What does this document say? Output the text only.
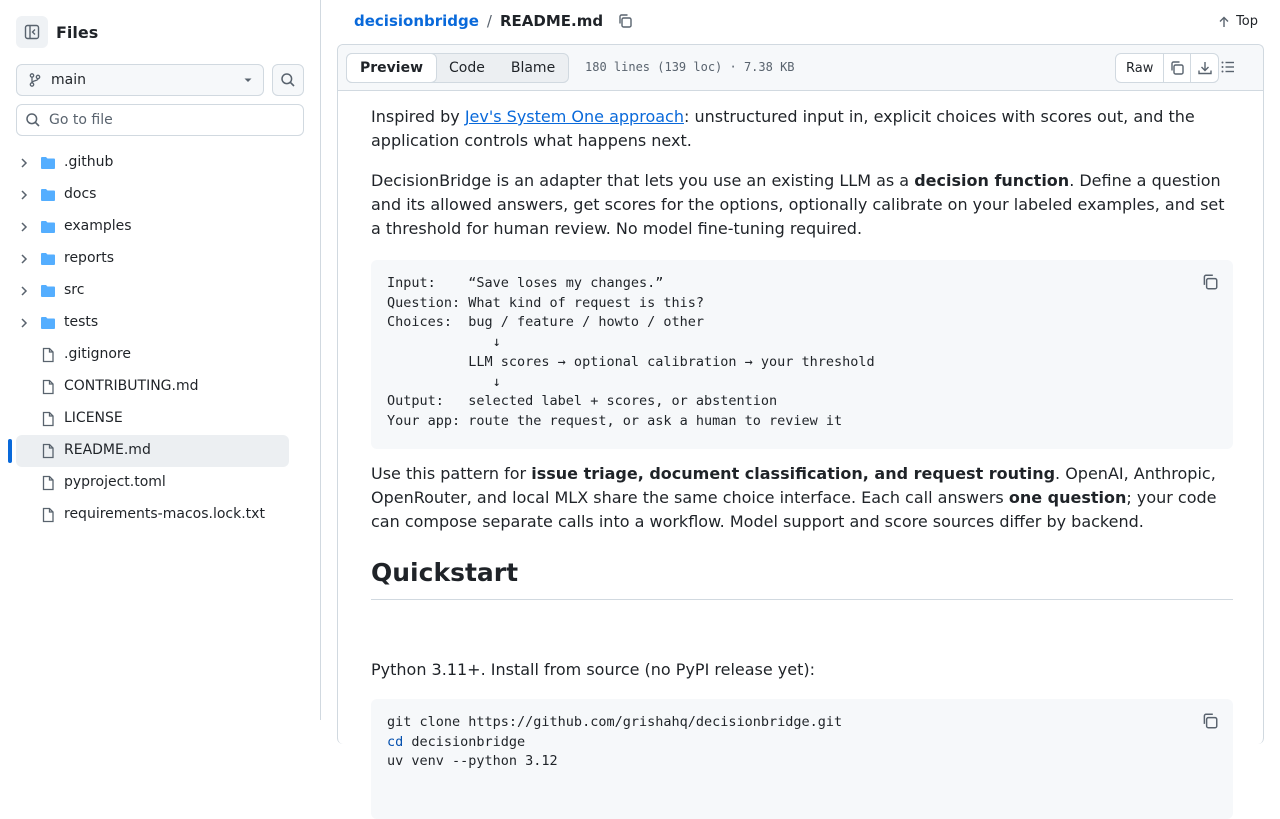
Files
main
Go to file
.github
docs
examples
reports
src
tests
.gitignore
CONTRIBUTING.md
LICENSE
README.md
pyproject.toml
requirements-macos.lock.txt
decisionbridge / README.md	Top
Preview	Code	Blame	180 lines (139 loc) · 7.38 KB	Raw
Inspired by Jev's System One approach: unstructured input in, explicit choices with scores out, and the application controls what happens next.
DecisionBridge is an adapter that lets you use an existing LLM as a decision function. Define a question and its allowed answers, get scores for the options, optionally calibrate on your labeled examples, and set a threshold for human review. No model fine-tuning required.
Input:    “Save loses my changes.”
Question: What kind of request is this?
Choices:  bug / feature / howto / other
↓
LLM scores → optional calibration → your threshold
↓
Output:   selected label + scores, or abstention
Your app: route the request, or ask a human to review it
Use this pattern for issue triage, document classification, and request routing. OpenAI, Anthropic, OpenRouter, and local MLX share the same choice interface. Each call answers one question; your code can compose separate calls into a workflow. Model support and score sources differ by backend.
Quickstart
Python 3.11+. Install from source (no PyPI release yet):
git clone https://github.com/grishahq/decisionbridge.git
cd decisionbridge
uv venv --python 3.12
